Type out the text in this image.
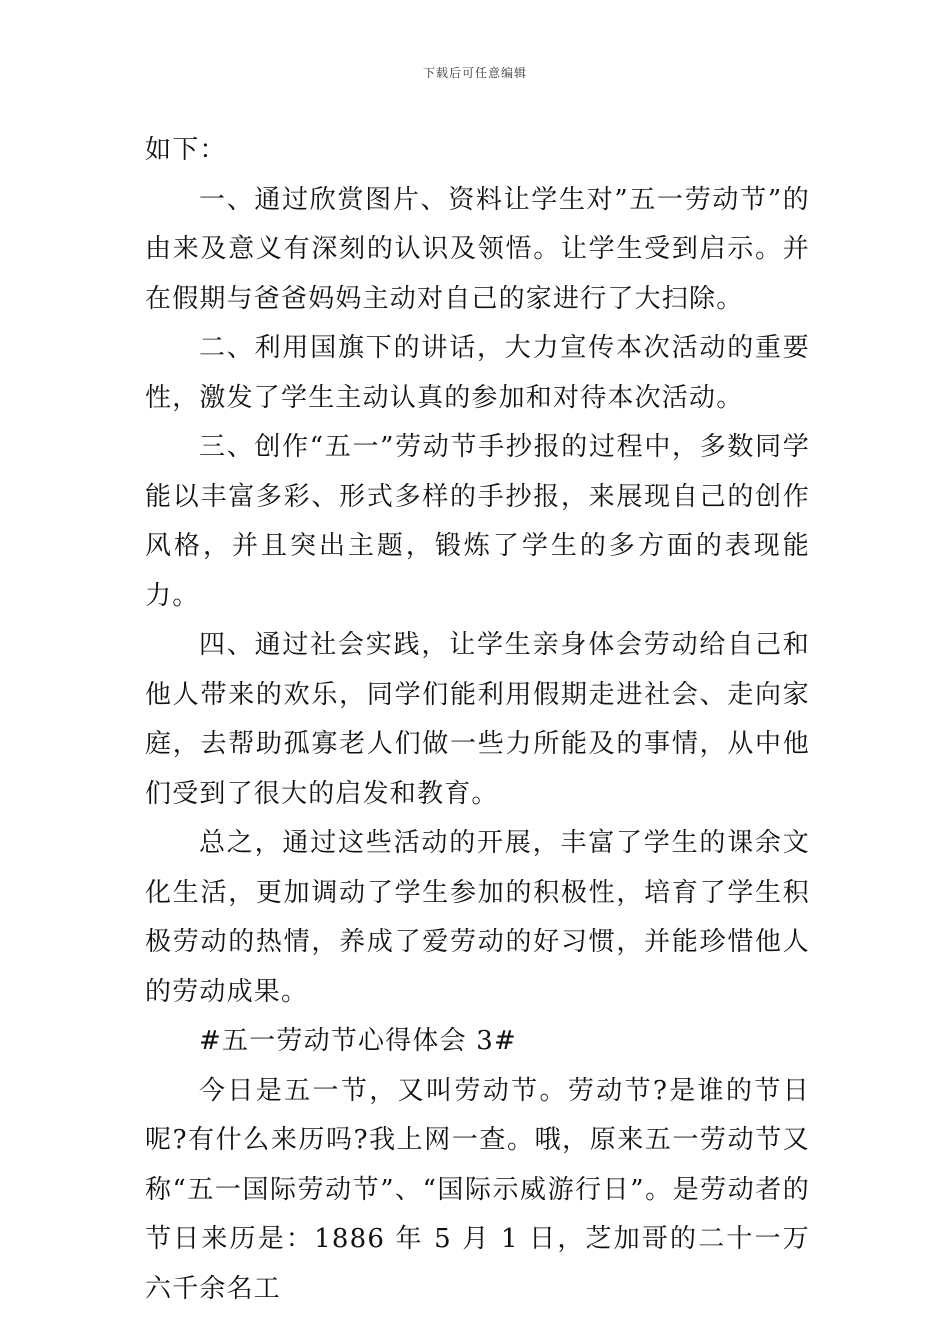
下载后可任意编辑

如下：

一、通过欣赏图片、资料让学生对”五一劳动节”的由来及意义有深刻的认识及领悟。让学生受到启示。并在假期与爸爸妈妈主动对自己的家进行了大扫除。

二、利用国旗下的讲话，大力宣传本次活动的重要性，激发了学生主动认真的参加和对待本次活动。

三、创作“五一”劳动节手抄报的过程中，多数同学能以丰富多彩、形式多样的手抄报，来展现自己的创作风格，并且突出主题，锻炼了学生的多方面的表现能力。

四、通过社会实践，让学生亲身体会劳动给自己和他人带来的欢乐，同学们能利用假期走进社会、走向家庭，去帮助孤寡老人们做一些力所能及的事情，从中他们受到了很大的启发和教育。

总之，通过这些活动的开展，丰富了学生的课余文化生活，更加调动了学生参加的积极性，培育了学生积极劳动的热情，养成了爱劳动的好习惯，并能珍惜他人的劳动成果。

#五一劳动节心得体会 3#

今日是五一节，又叫劳动节。劳动节?是谁的节日呢?有什么来历吗?我上网一查。哦，原来五一劳动节又称“五一国际劳动节”、“国际示威游行日”。是劳动者的节日来历是：1886 年 5 月 1 日，芝加哥的二十一万六千余名工
